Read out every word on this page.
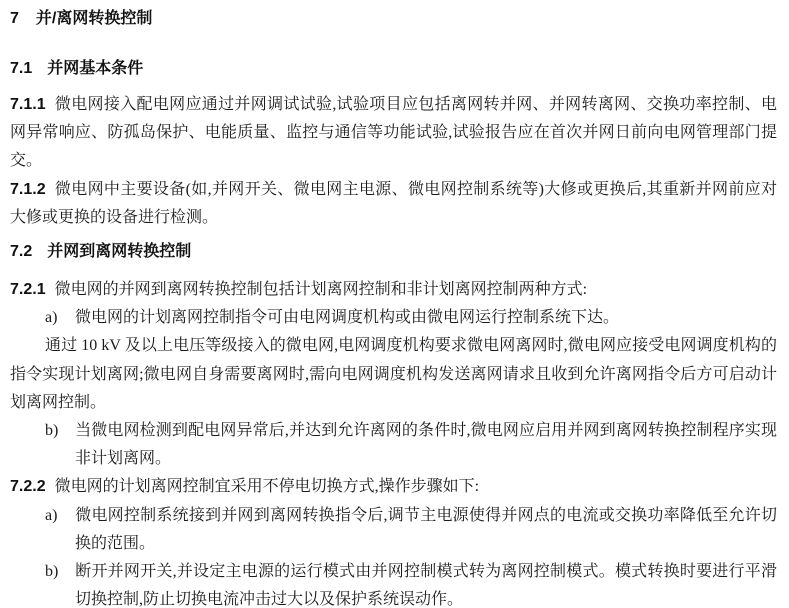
7 并/离网转换控制
7.1 并网基本条件

7.1.1 微电网接入配电网应通过并网调试试验,试验项目应包括离网转并网、并网转离网、交换功率控制、电网异常响应、防孤岛保护、电能质量、监控与通信等功能试验,试验报告应在首次并网日前向电网管理部门提交。

7.1.2 微电网中主要设备(如,并网开关、微电网主电源、微电网控制系统等)大修或更换后,其重新并网前应对大修或更换的设备进行检测。

7.2 并网到离网转换控制

7.2.1 微电网的并网到离网转换控制包括计划离网控制和非计划离网控制两种方式:

a) 微电网的计划离网控制指令可由电网调度机构或由微电网运行控制系统下达。

通过 10 kV 及以上电压等级接入的微电网,电网调度机构要求微电网离网时,微电网应接受电网调度机构的指令实现计划离网;微电网自身需要离网时,需向电网调度机构发送离网请求且收到允许离网指令后方可启动计划离网控制。

b) 当微电网检测到配电网异常后,并达到允许离网的条件时,微电网应启用并网到离网转换控制程序实现非计划离网。

7.2.2 微电网的计划离网控制宜采用不停电切换方式,操作步骤如下:

a) 微电网控制系统接到并网到离网转换指令后,调节主电源使得并网点的电流或交换功率降低至允许切换的范围。

b) 断开并网开关,并设定主电源的运行模式由并网控制模式转为离网控制模式。模式转换时要进行平滑切换控制,防止切换电流冲击过大以及保护系统误动作。
